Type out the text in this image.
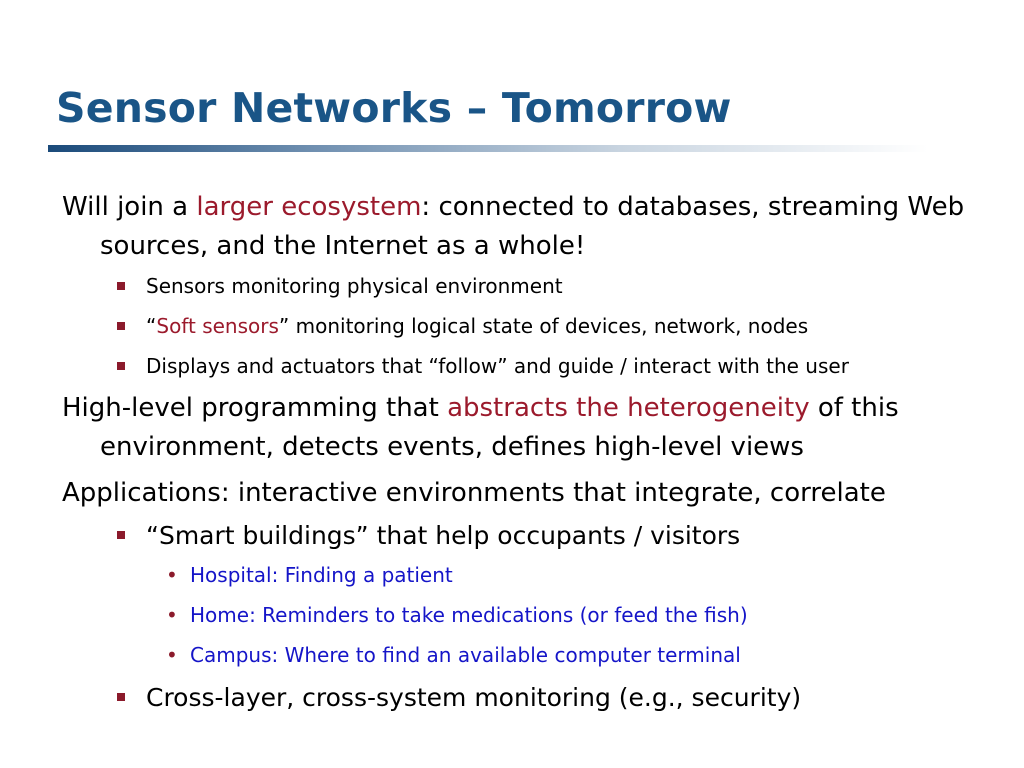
Sensor Networks – Tomorrow
Will join a larger ecosystem: connected to databases, streaming Web sources, and the Internet as a whole!
Sensors monitoring physical environment
“Soft sensors” monitoring logical state of devices, network, nodes
Displays and actuators that “follow” and guide / interact with the user
High-level programming that abstracts the heterogeneity of this environment, detects events, defines high-level views
Applications: interactive environments that integrate, correlate
“Smart buildings” that help occupants / visitors
• Hospital: Finding a patient
• Home: Reminders to take medications (or feed the fish)
• Campus: Where to find an available computer terminal
Cross-layer, cross-system monitoring (e.g., security)
